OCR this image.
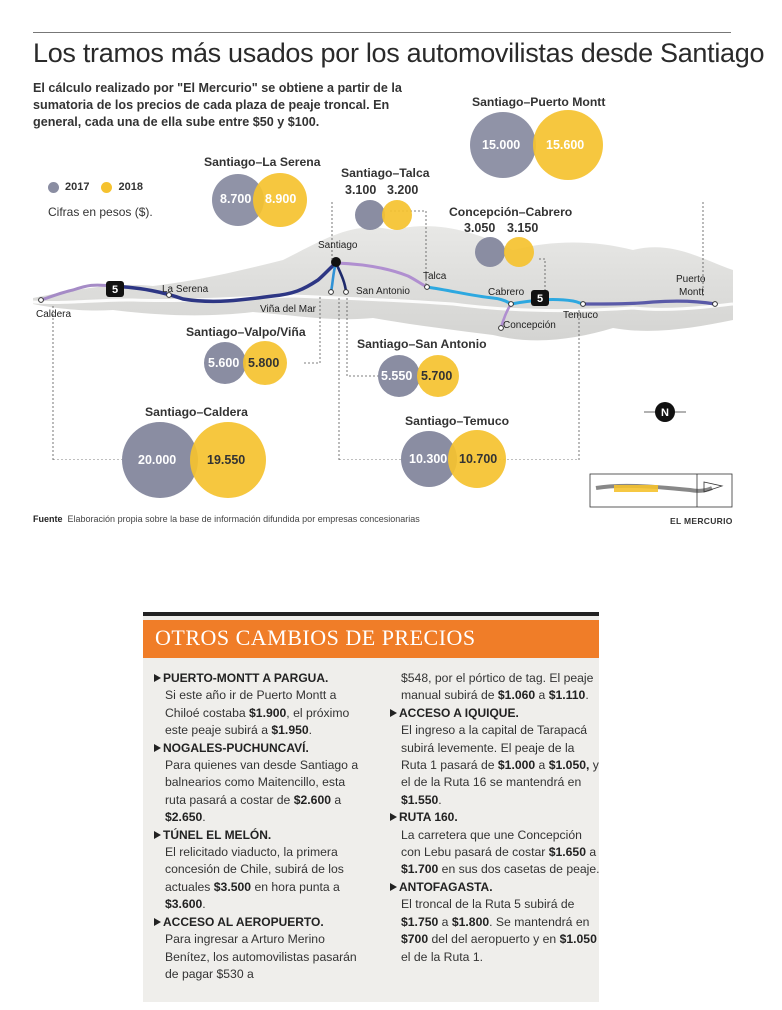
Los tramos más usados por los automovilistas desde Santiago
El cálculo realizado por "El Mercurio" se obtiene a partir de la sumatoria de los precios de cada plaza de peaje troncal. En general, cada una de ella sube entre $50 y $100.
5
5
2017	2018
Cifras en pesos ($).
N
Santiago–Puerto Montt
Santiago–La Serena
Santiago–Talca
Concepción–Cabrero
Santiago–Valpo/Viña
Santiago–San Antonio
Santiago–Caldera
Santiago–Temuco
15.000 15.600
8.700 8.900
3.100 3.200
3.050 3.150
5.600 5.800
5.550 5.700
20.000 19.550	10.300 10.700
Caldera
La Serena
Santiago
Viña del Mar
San Antonio
Talca
Cabrero
Concepción
Temuco
Puerto
Montt
Fuente Elaboración propia sobre la base de información difundida por empresas concesionarias	EL MERCURIO
OTROS CAMBIOS DE PRECIOS

PUERTO-MONTT A PARGUA.
Si este año ir de Puerto Montt a Chiloé costaba $1.900, el próximo este peaje subirá a $1.950.

NOGALES-PUCHUNCAVÍ.
Para quienes van desde Santiago a balnearios como Maitencillo, esta ruta pasará a costar de $2.600 a $2.650.

TÚNEL EL MELÓN.
El relicitado viaducto, la primera concesión de Chile, subirá de los actuales $3.500 en hora punta a $3.600.

ACCESO AL AEROPUERTO.
Para ingresar a Arturo Merino Benítez, los automovilistas pasarán de pagar $530 a

$548, por el pórtico de tag. El peaje manual subirá de $1.060 a $1.110.

ACCESO A IQUIQUE.
El ingreso a la capital de Tarapacá subirá levemente. El peaje de la Ruta 1 pasará de $1.000 a $1.050, y el de la Ruta 16 se mantendrá en $1.550.

RUTA 160.
La carretera que une Concepción con Lebu pasará de costar $1.650 a $1.700 en sus dos casetas de peaje.

ANTOFAGASTA.
El troncal de la Ruta 5 subirá de $1.750 a $1.800. Se mantendrá en $700 del del aeropuerto y en $1.050 el de la Ruta 1.
